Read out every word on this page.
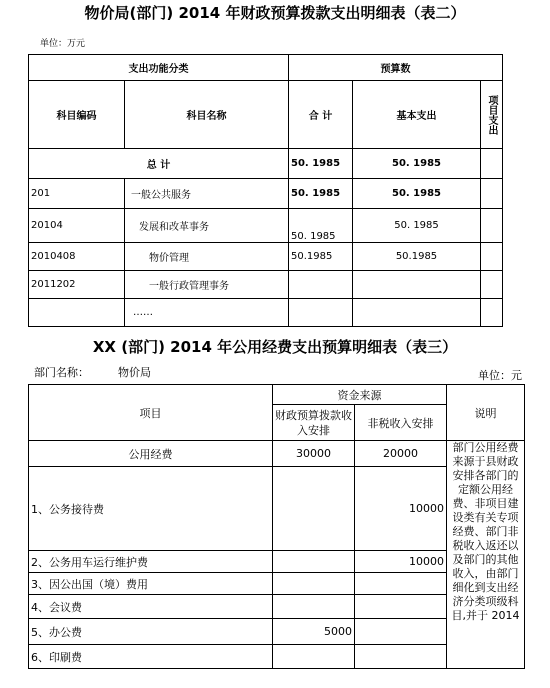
物价局(部门) 2014 年财政预算拨款支出明细表（表二）
单位：万元
支出功能分类		预算数		
科目编码	科目名称	合 计	基本支出	项目支出

总 计		50. 1985	50. 1985	
201	一般公共服务	50. 1985	50. 1985	
20104	发展和改革事务	50. 1985	50. 1985	
2010408	物价管理	50.1985	50.1985	
2011202	一般行政管理事务			
	……			
XX (部门) 2014 年公用经费支出预算明细表（表三）
部门名称：	物价局	单位：元
项目	资金来源		说明
	财政预算拨款收入安排	非税收入安排	
公用经费	30000	20000	部门公用经费来源于县财政安排各部门的定额公用经费、非项目建设类有关专项经费、部门非税收入返还以及部门的其他收入，由部门细化到支出经济分类项级科目,并于 2014
1、公务接待费		10000	
2、公务用车运行维护费		10000	
3、因公出国（境）费用			
4、会议费			
5、办公费	5000		
6、印刷费			
